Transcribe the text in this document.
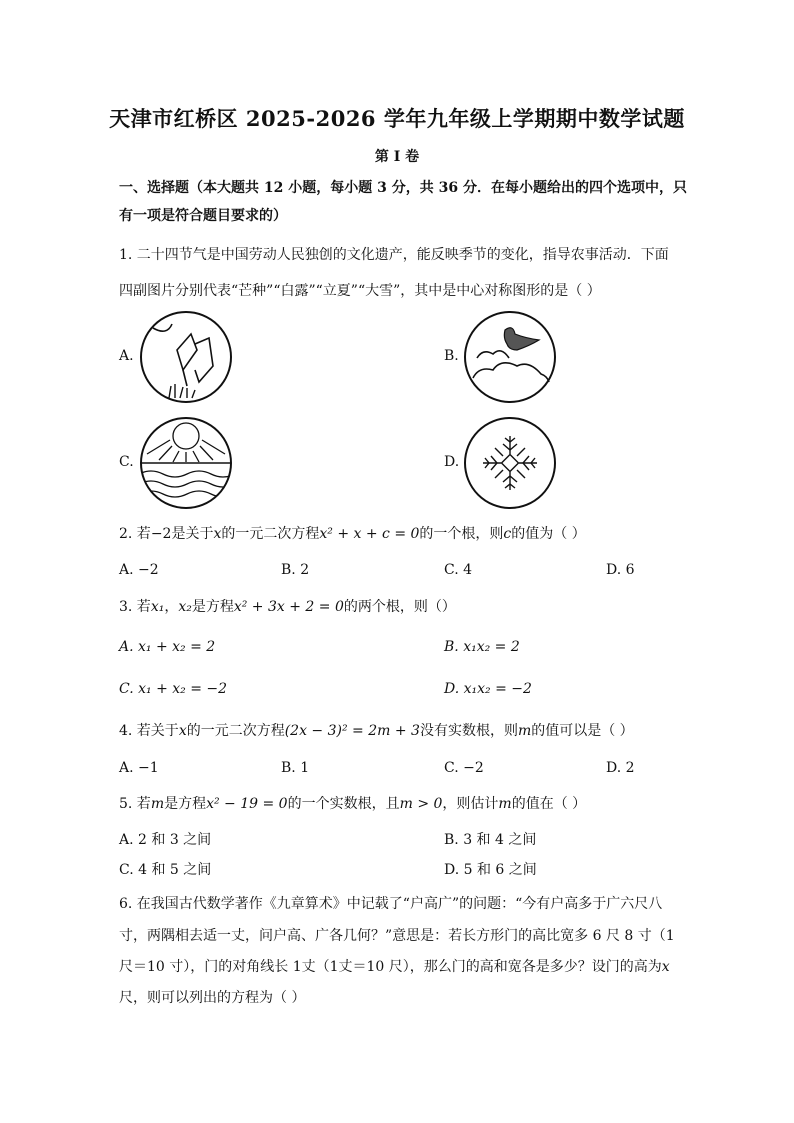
天津市红桥区 2025-2026 学年九年级上学期期中数学试题
第 I 卷
一、选择题（本大题共 12 小题，每小题 3 分，共 36 分．在每小题给出的四个选项中，只
有一项是符合题目要求的）
1. 二十四节气是中国劳动人民独创的文化遗产，能反映季节的变化，指导农事活动．下面
四副图片分别代表“芒种”“白露”“立夏”“大雪”，其中是中心对称图形的是（ ）
A.	B.
C.	D.
2. 若−2是关于x的一元二次方程x² + x + c = 0的一个根，则c的值为（ ）
A. −2	B. 2	C. 4	D. 6
3. 若x₁，x₂是方程x² + 3x + 2 = 0的两个根，则（）
A. x₁ + x₂ = 2	B. x₁x₂ = 2
C. x₁ + x₂ = −2	D. x₁x₂ = −2
4. 若关于x的一元二次方程(2x − 3)² = 2m + 3没有实数根，则m的值可以是（ ）
A. −1	B. 1	C. −2	D. 2
5. 若m是方程x² − 19 = 0的一个实数根，且m > 0，则估计m的值在（ ）
A. 2 和 3 之间	B. 3 和 4 之间
C. 4 和 5 之间	D. 5 和 6 之间
6. 在我国古代数学著作《九章算术》中记载了“户高广”的问题：“今有户高多于广六尺八
寸，两隅相去适一丈，问户高、广各几何？”意思是：若长方形门的高比宽多 6 尺 8 寸（1
尺＝10 寸），门的对角线长 1丈（1丈＝10 尺），那么门的高和宽各是多少？设门的高为x
尺，则可以列出的方程为（ ）
